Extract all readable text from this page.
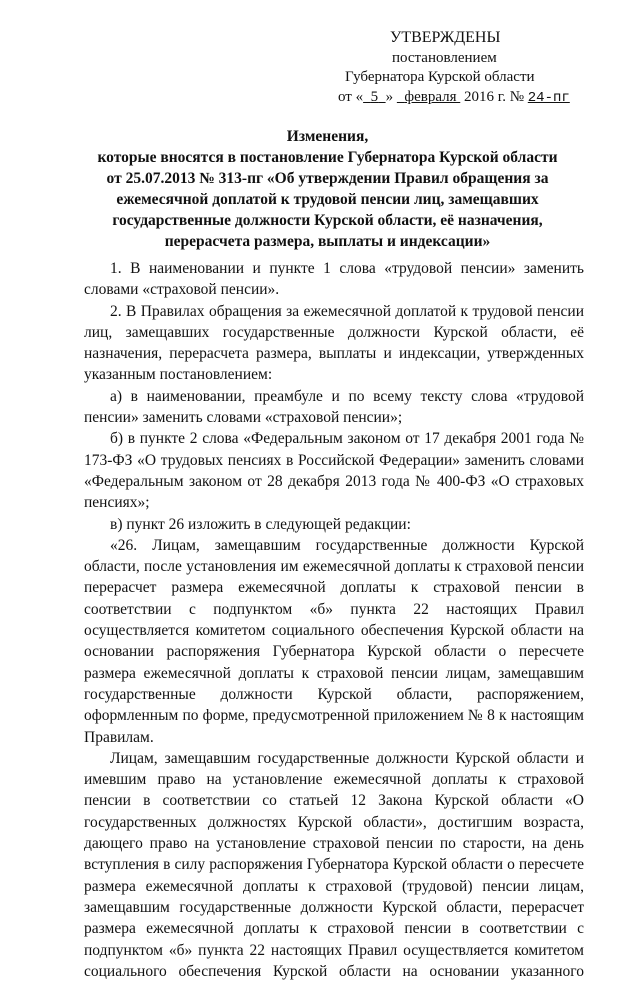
УТВЕРЖДЕНЫ
постановлением
Губернатора Курской области
от « 5 » февраля 2016 г. № 24-пг
Изменения,
которые вносятся в постановление Губернатора Курской области
от 25.07.2013 № 313-пг «Об утверждении Правил обращения за
ежемесячной доплатой к трудовой пенсии лиц, замещавших
государственные должности Курской области, её назначения,
перерасчета размера, выплаты и индексации»

1. В наименовании и пункте 1 слова «трудовой пенсии» заменить словами «страховой пенсии».

2. В Правилах обращения за ежемесячной доплатой к трудовой пенсии лиц, замещавших государственные должности Курской области, её назначения, перерасчета размера, выплаты и индексации, утвержденных указанным постановлением:

а) в наименовании, преамбуле и по всему тексту слова «трудовой пенсии» заменить словами «страховой пенсии»;

б) в пункте 2 слова «Федеральным законом от 17 декабря 2001 года № 173-ФЗ «О трудовых пенсиях в Российской Федерации» заменить словами «Федеральным законом от 28 декабря 2013 года № 400-ФЗ «О страховых пенсиях»;

в) пункт 26 изложить в следующей редакции:

«26. Лицам, замещавшим государственные должности Курской области, после установления им ежемесячной доплаты к страховой пенсии перерасчет размера ежемесячной доплаты к страховой пенсии в соответствии с подпунктом «б» пункта 22 настоящих Правил осуществляется комитетом социального обеспечения Курской области на основании распоряжения Губернатора Курской области о пересчете размера ежемесячной доплаты к страховой пенсии лицам, замещавшим государственные должности Курской области, распоряжением, оформленным по форме, предусмотренной приложением № 8 к настоящим Правилам.

Лицам, замещавшим государственные должности Курской области и имевшим право на установление ежемесячной доплаты к страховой пенсии в соответствии со статьей 12 Закона Курской области «О государственных должностях Курской области», достигшим возраста, дающего право на установление страховой пенсии по старости, на день вступления в силу распоряжения Губернатора Курской области о пересчете размера ежемесячной доплаты к страховой (трудовой) пенсии лицам, замещавшим государственные должности Курской области, перерасчет размера ежемесячной доплаты к страховой пенсии в соответствии с подпунктом «б» пункта 22 настоящих Правил осуществляется комитетом социального обеспечения Курской области на основании указанного
